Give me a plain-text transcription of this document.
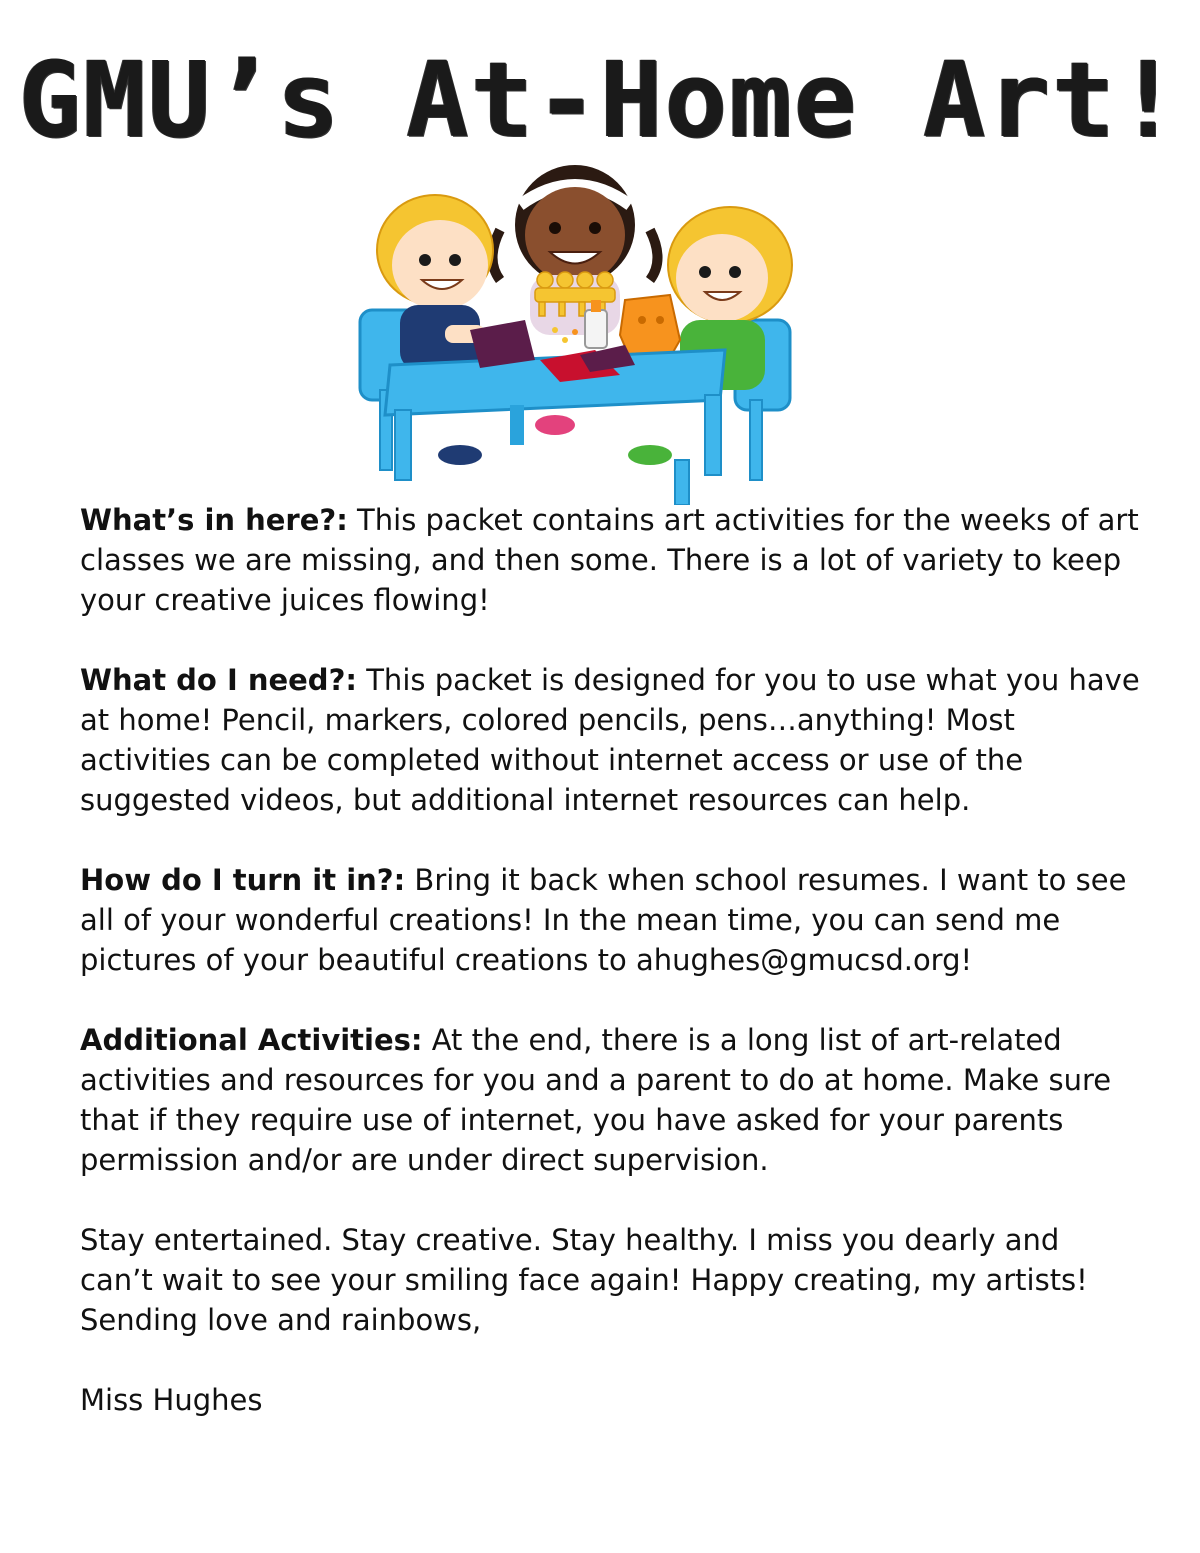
GMU’s At-Home Art!

What’s in here?: This packet contains art activities for the weeks of art classes we are missing, and then some. There is a lot of variety to keep your creative juices flowing!

What do I need?: This packet is designed for you to use what you have at home! Pencil, markers, colored pencils, pens…anything! Most activities can be completed without internet access or use of the suggested videos, but additional internet resources can help.

How do I turn it in?: Bring it back when school resumes. I want to see all of your wonderful creations! In the mean time, you can send me pictures of your beautiful creations to ahughes@gmucsd.org!

Additional Activities: At the end, there is a long list of art-related activities and resources for you and a parent to do at home. Make sure that if they require use of internet, you have asked for your parents permission and/or are under direct supervision.

Stay entertained. Stay creative. Stay healthy. I miss you dearly and can’t wait to see your smiling face again! Happy creating, my artists! Sending love and rainbows,

Miss Hughes
